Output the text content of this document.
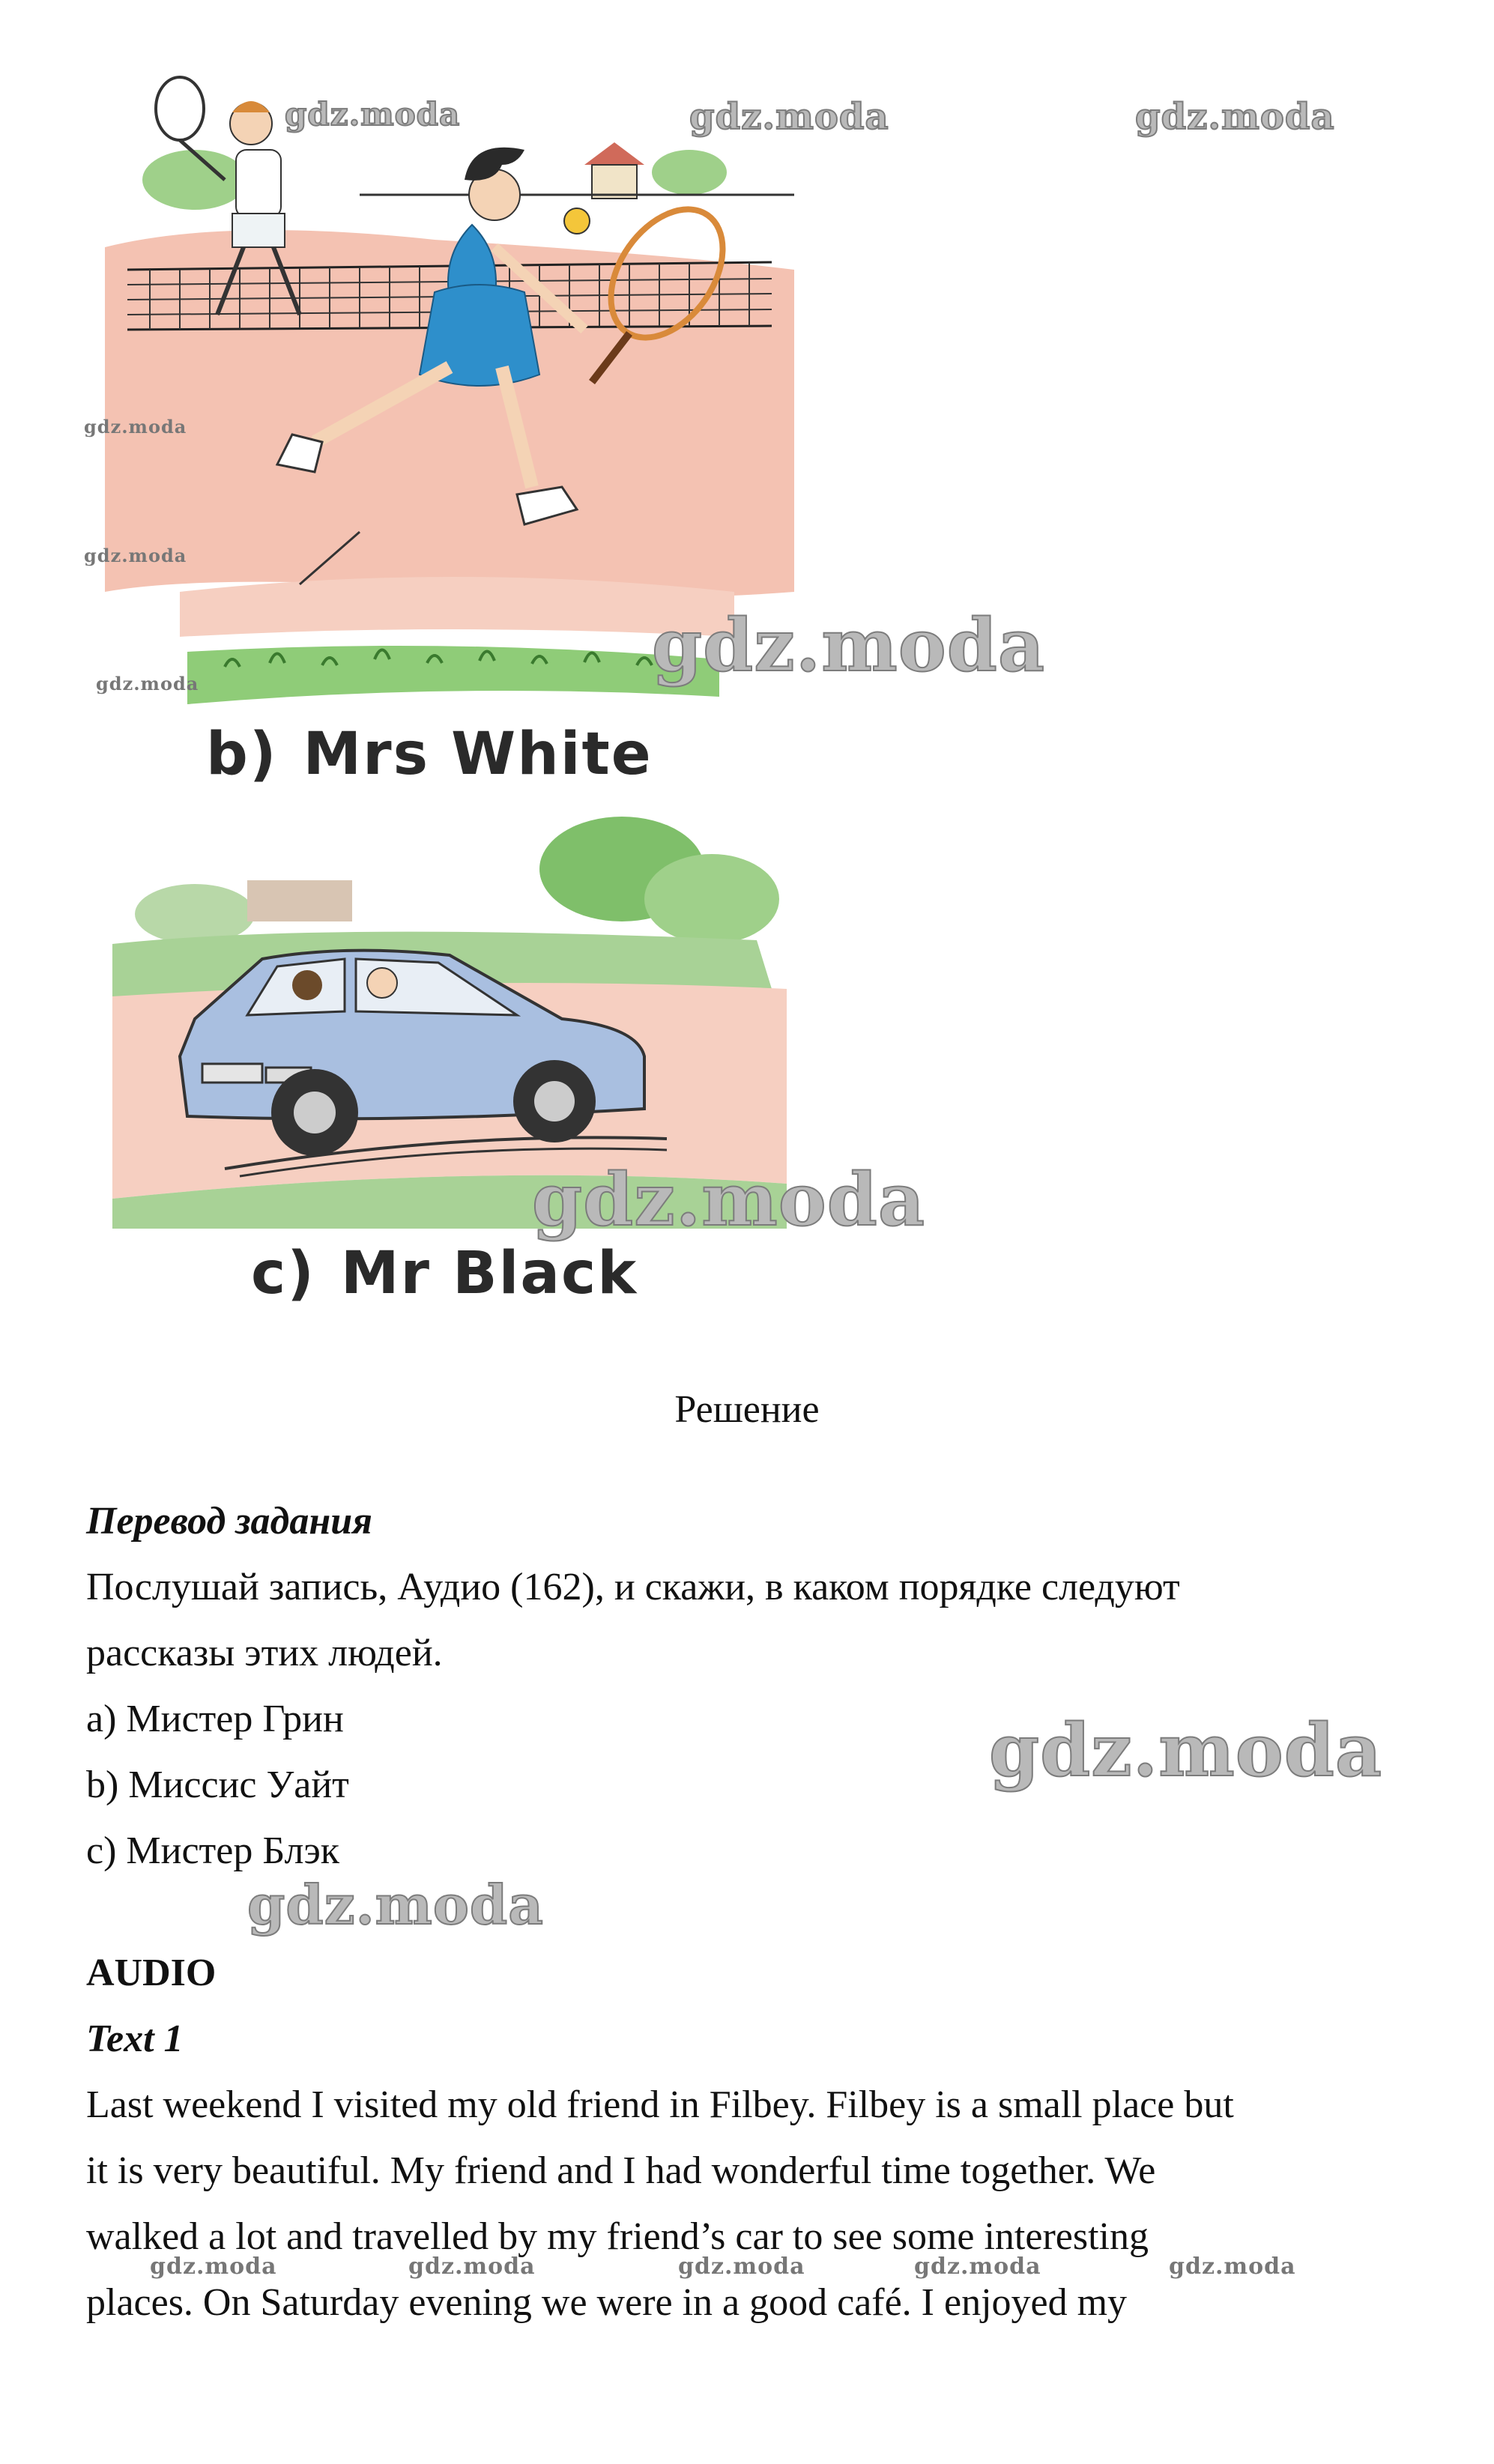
b) Mrs White
c) Mr Black
gdz.moda	gdz.moda	gdz.moda
gdz.moda
gdz.moda
gdz.moda	gdz.moda
gdz.moda
gdz.moda
gdz.moda
gdz.moda	gdz.moda	gdz.moda	gdz.moda	gdz.moda
Решение
Перевод задания
Послушай запись, Аудио (162), и скажи, в каком порядке следуют
рассказы этих людей.
a) Мистер Грин
b) Миссис Уайт
c) Мистер Блэк
AUDIO
Text 1
Last weekend I visited my old friend in Filbey. Filbey is a small place but
it is very beautiful. My friend and I had wonderful time together. We
walked a lot and travelled by my friend’s car to see some interesting
places. On Saturday evening we were in a good café. I enjoyed my
